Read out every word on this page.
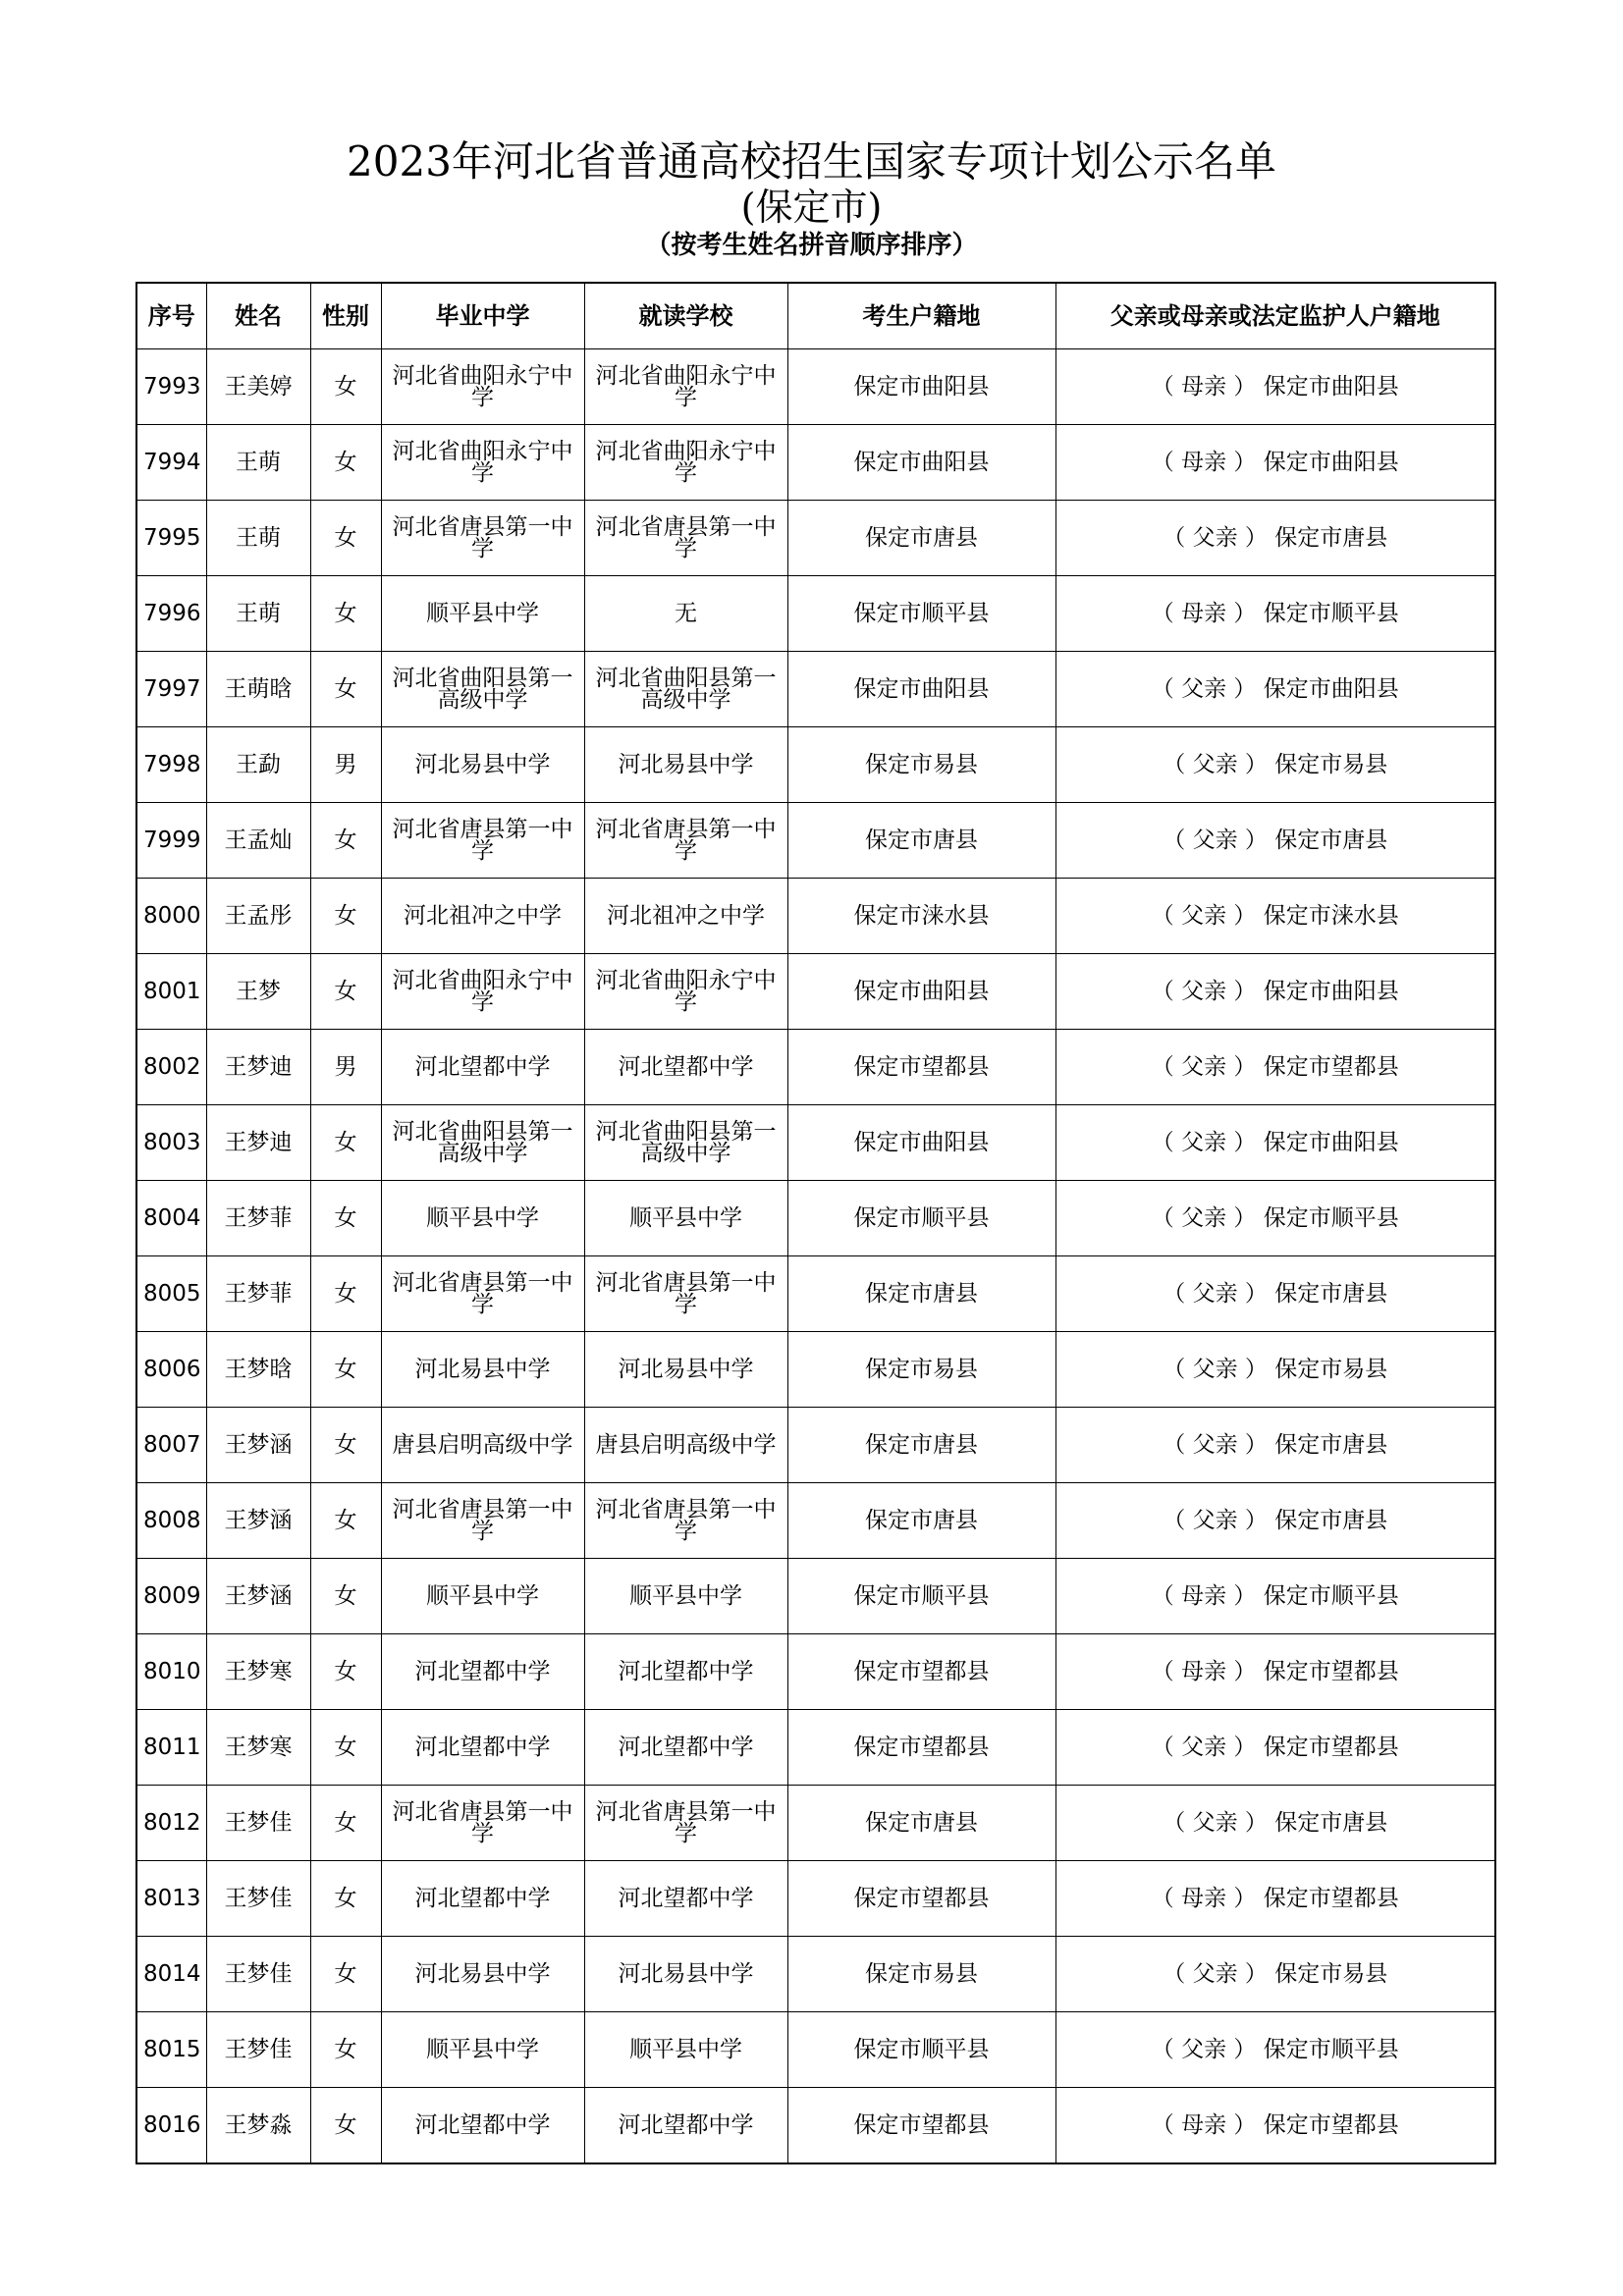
2023年河北省普通高校招生国家专项计划公示名单
(保定市)
（按考生姓名拼音顺序排序）
序号	姓名	性别	毕业中学	就读学校	考生户籍地	父亲或母亲或法定监护人户籍地
7993	王美婷	女	河北省曲阳永宁中学	河北省曲阳永宁中学	保定市曲阳县	（ 母亲 ） 保定市曲阳县
7994	王萌	女	河北省曲阳永宁中学	河北省曲阳永宁中学	保定市曲阳县	（ 母亲 ） 保定市曲阳县
7995	王萌	女	河北省唐县第一中学	河北省唐县第一中学	保定市唐县	（ 父亲 ） 保定市唐县
7996	王萌	女	顺平县中学	无	保定市顺平县	（ 母亲 ） 保定市顺平县
7997	王萌晗	女	河北省曲阳县第一高级中学	河北省曲阳县第一高级中学	保定市曲阳县	（ 父亲 ） 保定市曲阳县
7998	王勐	男	河北易县中学	河北易县中学	保定市易县	（ 父亲 ） 保定市易县
7999	王孟灿	女	河北省唐县第一中学	河北省唐县第一中学	保定市唐县	（ 父亲 ） 保定市唐县
8000	王孟彤	女	河北祖冲之中学	河北祖冲之中学	保定市涞水县	（ 父亲 ） 保定市涞水县
8001	王梦	女	河北省曲阳永宁中学	河北省曲阳永宁中学	保定市曲阳县	（ 父亲 ） 保定市曲阳县
8002	王梦迪	男	河北望都中学	河北望都中学	保定市望都县	（ 父亲 ） 保定市望都县
8003	王梦迪	女	河北省曲阳县第一高级中学	河北省曲阳县第一高级中学	保定市曲阳县	（ 父亲 ） 保定市曲阳县
8004	王梦菲	女	顺平县中学	顺平县中学	保定市顺平县	（ 父亲 ） 保定市顺平县
8005	王梦菲	女	河北省唐县第一中学	河北省唐县第一中学	保定市唐县	（ 父亲 ） 保定市唐县
8006	王梦晗	女	河北易县中学	河北易县中学	保定市易县	（ 父亲 ） 保定市易县
8007	王梦涵	女	唐县启明高级中学	唐县启明高级中学	保定市唐县	（ 父亲 ） 保定市唐县
8008	王梦涵	女	河北省唐县第一中学	河北省唐县第一中学	保定市唐县	（ 父亲 ） 保定市唐县
8009	王梦涵	女	顺平县中学	顺平县中学	保定市顺平县	（ 母亲 ） 保定市顺平县
8010	王梦寒	女	河北望都中学	河北望都中学	保定市望都县	（ 母亲 ） 保定市望都县
8011	王梦寒	女	河北望都中学	河北望都中学	保定市望都县	（ 父亲 ） 保定市望都县
8012	王梦佳	女	河北省唐县第一中学	河北省唐县第一中学	保定市唐县	（ 父亲 ） 保定市唐县
8013	王梦佳	女	河北望都中学	河北望都中学	保定市望都县	（ 母亲 ） 保定市望都县
8014	王梦佳	女	河北易县中学	河北易县中学	保定市易县	（ 父亲 ） 保定市易县
8015	王梦佳	女	顺平县中学	顺平县中学	保定市顺平县	（ 父亲 ） 保定市顺平县
8016	王梦淼	女	河北望都中学	河北望都中学	保定市望都县	（ 母亲 ） 保定市望都县
